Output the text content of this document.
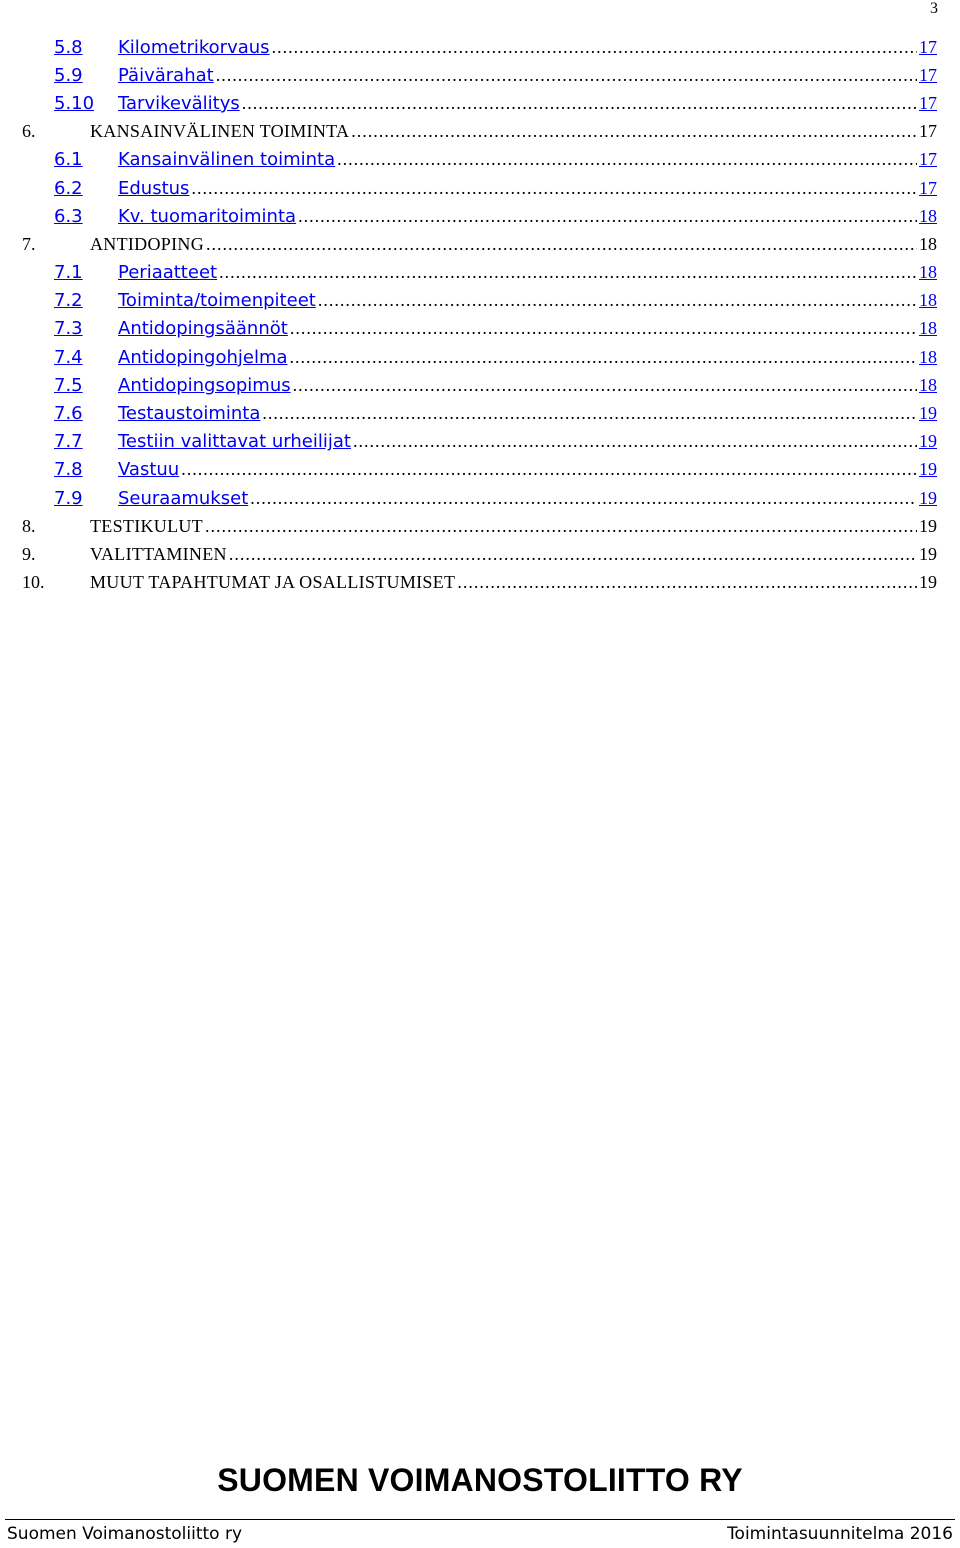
3
5.8	Kilometrikorvaus .....	17
5.9	Päivärahat .....	17
5.10	Tarvikevälitys .....	17
6.	KANSAINVÄLINEN TOIMINTA .....	17
6.1	Kansainvälinen toiminta .....	17
6.2	Edustus .....	17
6.3	Kv. tuomaritoiminta .....	18
7.	ANTIDOPING .....	18
7.1	Periaatteet .....	18
7.2	Toiminta/toimenpiteet .....	18
7.3	Antidopingsäännöt .....	18
7.4	Antidopingohjelma .....	18
7.5	Antidopingsopimus .....	18
7.6	Testaustoiminta .....	19
7.7	Testiin valittavat urheilijat .....	19
7.8	Vastuu .....	19
7.9	Seuraamukset .....	19
8.	TESTIKULUT .....	19
9.	VALITTAMINEN .....	19
10.	MUUT TAPAHTUMAT JA OSALLISTUMISET .....	19
SUOMEN VOIMANOSTOLIITTO RY
Suomen Voimanostoliitto ry	Toimintasuunnitelma 2016
